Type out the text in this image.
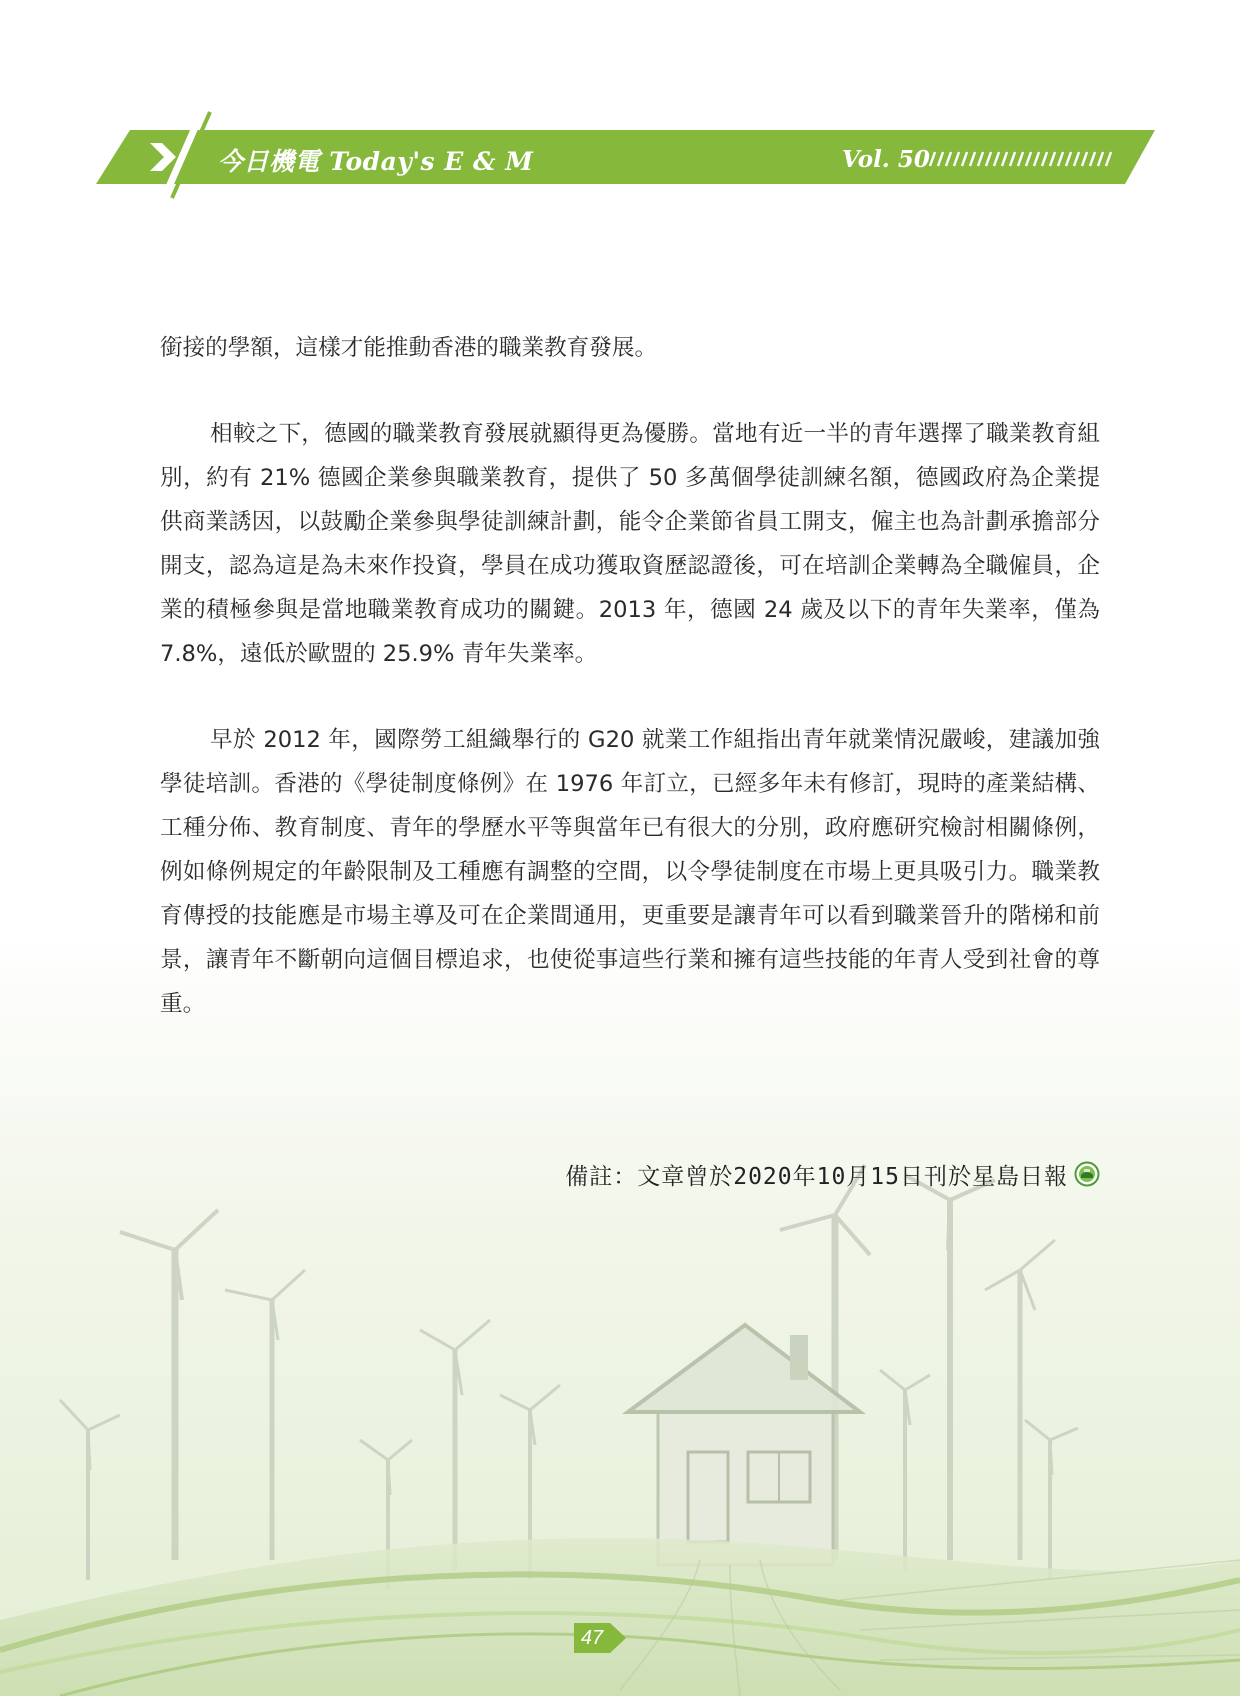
今日機電 Today's E & M	Vol. 50

銜接的學額，這樣才能推動香港的職業教育發展。

相較之下，德國的職業教育發展就顯得更為優勝。當地有近一半的青年選擇了職業教育組別，約有 21% 德國企業參與職業教育，提供了 50 多萬個學徒訓練名額，德國政府為企業提供商業誘因，以鼓勵企業參與學徒訓練計劃，能令企業節省員工開支，僱主也為計劃承擔部分開支，認為這是為未來作投資，學員在成功獲取資歷認證後，可在培訓企業轉為全職僱員，企業的積極參與是當地職業教育成功的關鍵。2013 年，德國 24 歲及以下的青年失業率，僅為 7.8%，遠低於歐盟的 25.9% 青年失業率。

早於 2012 年，國際勞工組織舉行的 G20 就業工作組指出青年就業情況嚴峻，建議加強學徒培訓。香港的《學徒制度條例》在 1976 年訂立，已經多年未有修訂，現時的產業結構、工種分佈、教育制度、青年的學歷水平等與當年已有很大的分別，政府應研究檢討相關條例，例如條例規定的年齡限制及工種應有調整的空間，以令學徒制度在市場上更具吸引力。職業教育傳授的技能應是市場主導及可在企業間通用，更重要是讓青年可以看到職業晉升的階梯和前景，讓青年不斷朝向這個目標追求，也使從事這些行業和擁有這些技能的年青人受到社會的尊重。

備註：文章曾於2020年10月15日刊於星島日報
47
